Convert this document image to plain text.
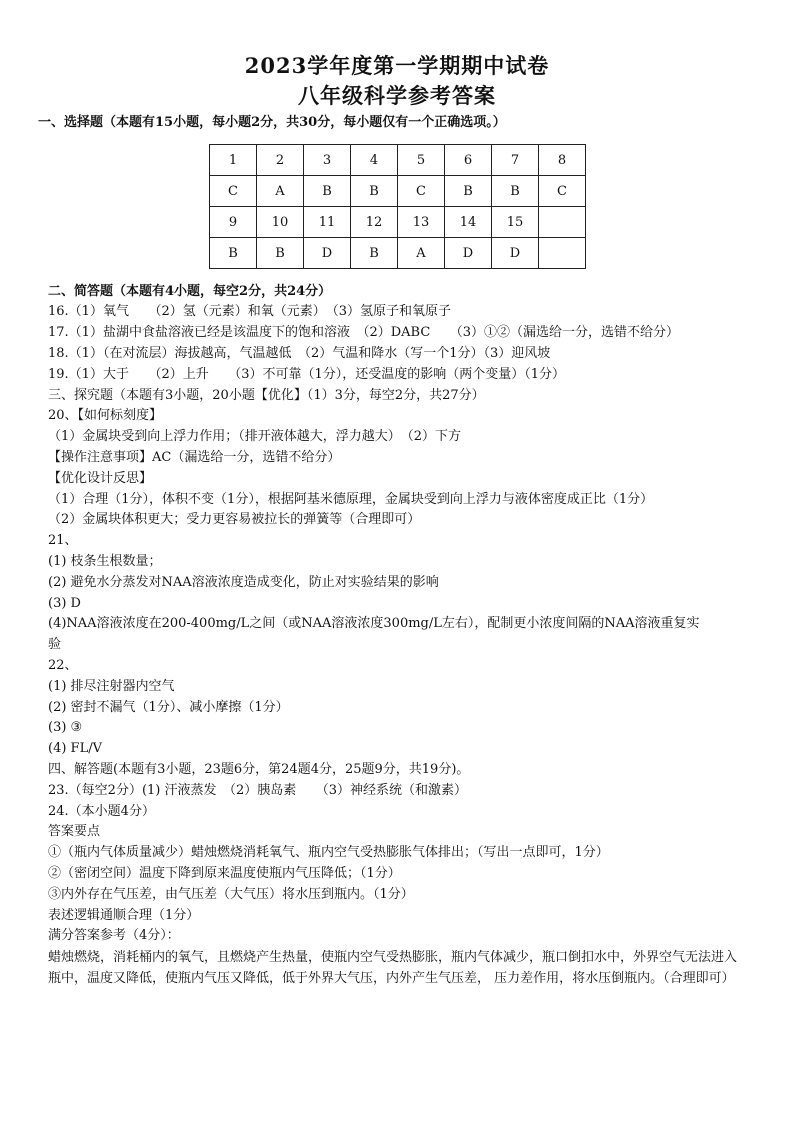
2023学年度第一学期期中试卷
八年级科学参考答案
一、选择题（本题有15小题，每小题2分，共30分，每小题仅有一个正确选项。）
1	2	3	4	5	6	7	8
C	A	B	B	C	B	B	C
9	10	11	12	13	14	15	
B	B	D	B	A	D	D	
二、简答题（本题有4小题，每空2分，共24分）
16.（1）氧气　　（2）氢（元素）和氧（元素）　（3）氢原子和氧原子
17.（1）盐湖中食盐溶液已经是该温度下的饱和溶液　（2）DABC　　（3）①②（漏选给一分，选错不给分）
18.（1）（在对流层）海拔越高，气温越低　（2）气温和降水（写一个1分）（3）迎风坡
19.（1）大于　　（2）上升　　（3）不可靠（1分），还受温度的影响（两个变量）（1分）
三、探究题（本题有3小题，20小题【优化】（1）3分，每空2分，共27分）
20、【如何标刻度】
（1）金属块受到向上浮力作用；（排开液体越大，浮力越大）　（2）下方
【操作注意事项】AC（漏选给一分，选错不给分）
【优化设计反思】
（1）合理（1分），体积不变（1分），根据阿基米德原理，金属块受到向上浮力与液体密度成正比（1分）
（2）金属块体积更大；受力更容易被拉长的弹簧等（合理即可）
21、
(1) 枝条生根数量；
(2) 避免水分蒸发对NAA溶液浓度造成变化，防止对实验结果的影响
(3) D
(4)NAA溶液浓度在200-400mg/L之间（或NAA溶液浓度300mg/L左右），配制更小浓度间隔的NAA溶液重复实
验
22、
(1) 排尽注射器内空气
(2) 密封不漏气（1分）、减小摩擦（1分）
(3) ③
(4) FL/V
四、解答题(本题有3小题，23题6分，第24题4分，25题9分，共19分)。
23.（每空2分）(1) 汗液蒸发　（2）胰岛素　　（3）神经系统（和激素）
24.（本小题4分）
答案要点
①（瓶内气体质量减少）蜡烛燃烧消耗氧气、瓶内空气受热膨胀气体排出；（写出一点即可，1分）
②（密闭空间）温度下降到原来温度使瓶内气压降低；（1分）
③内外存在气压差，由气压差（大气压）将水压到瓶内。（1分）
表述逻辑通顺合理（1分）
满分答案参考（4分）：
蜡烛燃烧，消耗桶内的氧气，且燃烧产生热量，使瓶内空气受热膨胀，瓶内气体减少，瓶口倒扣水中，外界空气无法进入瓶中，温度又降低，使瓶内气压又降低，低于外界大气压，内外产生气压差， 压力差作用，将水压倒瓶内。（合理即可）
